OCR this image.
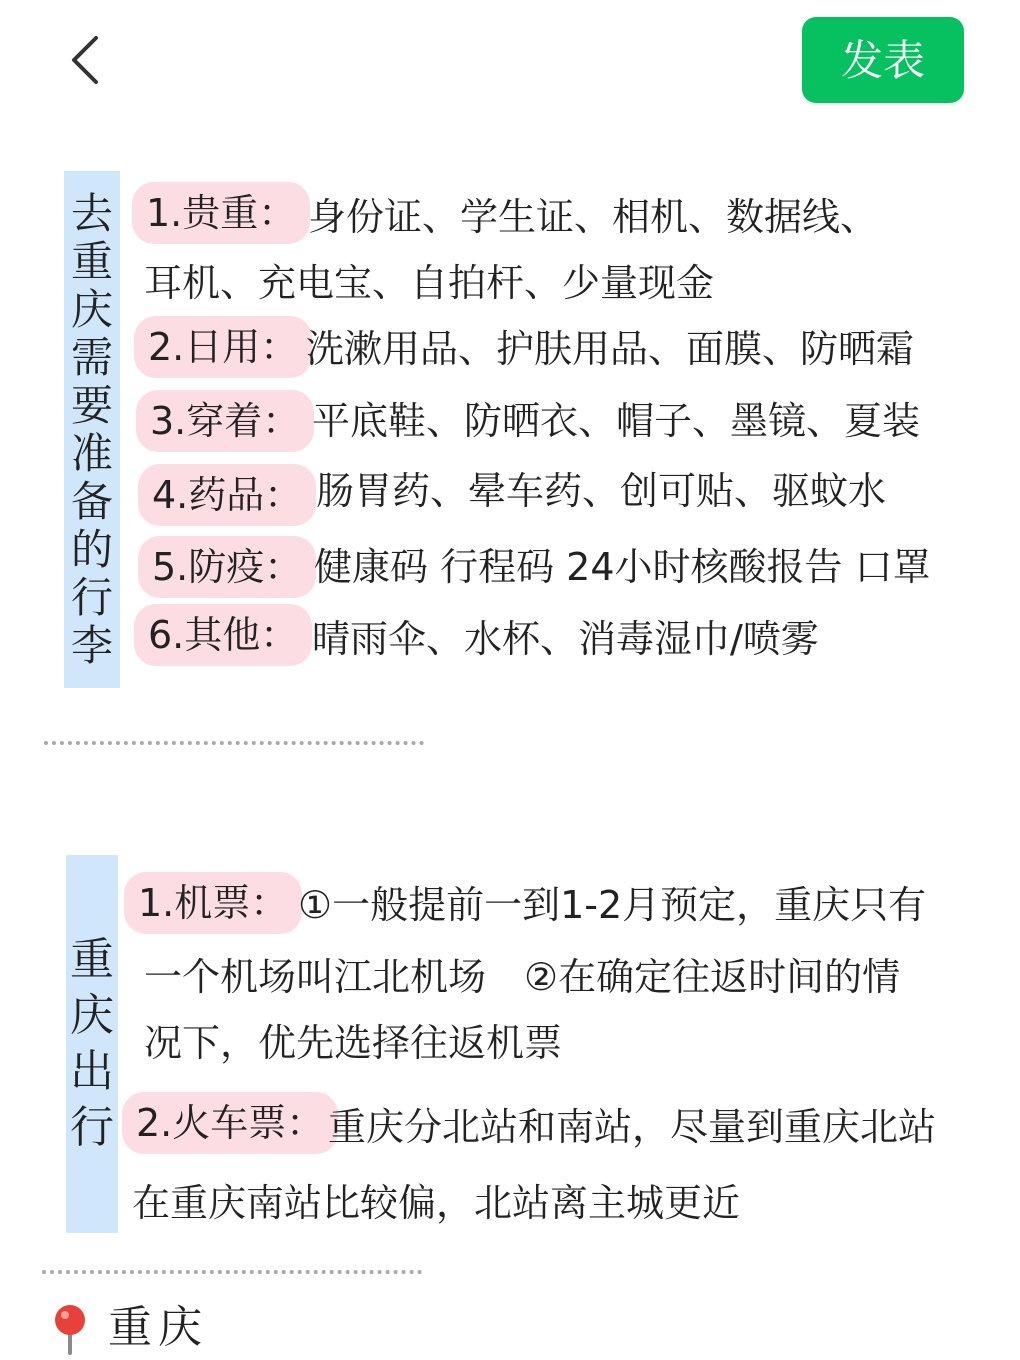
发表
去
重
庆
需
要
准
备
的
行
李
1.贵重： 身份证、学生证、相机、数据线、
耳机、充电宝、自拍杆、少量现金
2.日用： 洗漱用品、护肤用品、面膜、防晒霜
3.穿着： 平底鞋、防晒衣、帽子、墨镜、夏装
4.药品： 肠胃药、晕车药、创可贴、驱蚊水
5.防疫： 健康码 行程码 24小时核酸报告 口罩
6.其他： 晴雨伞、水杯、消毒湿巾/喷雾
重
庆
出
行
1.机票： ①一般提前一到1-2月预定，重庆只有
一个机场叫江北机场　②在确定往返时间的情
况下，优先选择往返机票
2.火车票： 重庆分北站和南站，尽量到重庆北站
在重庆南站比较偏，北站离主城更近
重庆
